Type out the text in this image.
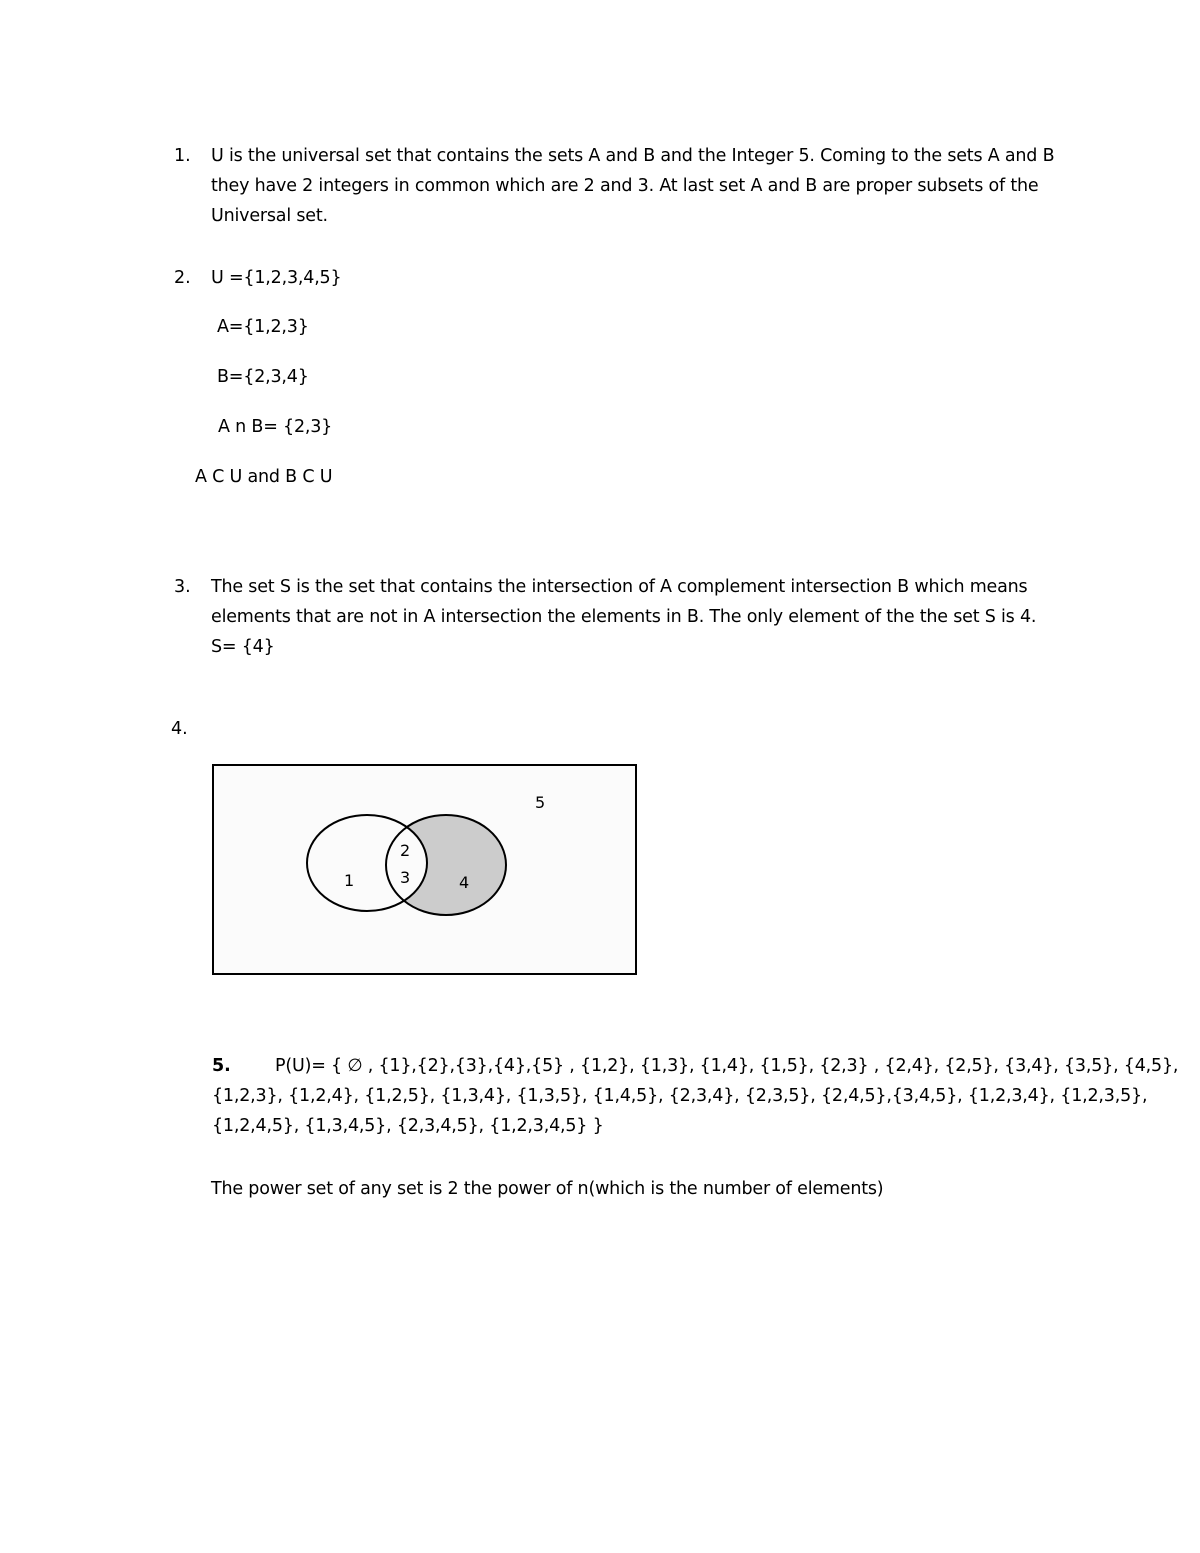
1. U is the universal set that contains the sets A and B and the Integer 5. Coming to the sets A and B
they have 2 integers in common which are 2 and 3. At last set A and B are proper subsets of the
Universal set.
2. U ={1,2,3,4,5}
A={1,2,3}
B={2,3,4}
A n B= {2,3}
A C U and B C U
3. The set S is the set that contains the intersection of A complement intersection B which means
elements that are not in A intersection the elements in B. The only element of the the set S is 4.
S= {4}
4.
5
1
2
3	4
5.	P(U)= { ∅ , {1},{2},{3},{4},{5} , {1,2}, {1,3}, {1,4}, {1,5}, {2,3} , {2,4}, {2,5}, {3,4}, {3,5}, {4,5},
{1,2,3}, {1,2,4}, {1,2,5}, {1,3,4}, {1,3,5}, {1,4,5}, {2,3,4}, {2,3,5}, {2,4,5},{3,4,5}, {1,2,3,4}, {1,2,3,5},
{1,2,4,5}, {1,3,4,5}, {2,3,4,5}, {1,2,3,4,5} }
The power set of any set is 2 the power of n(which is the number of elements)
